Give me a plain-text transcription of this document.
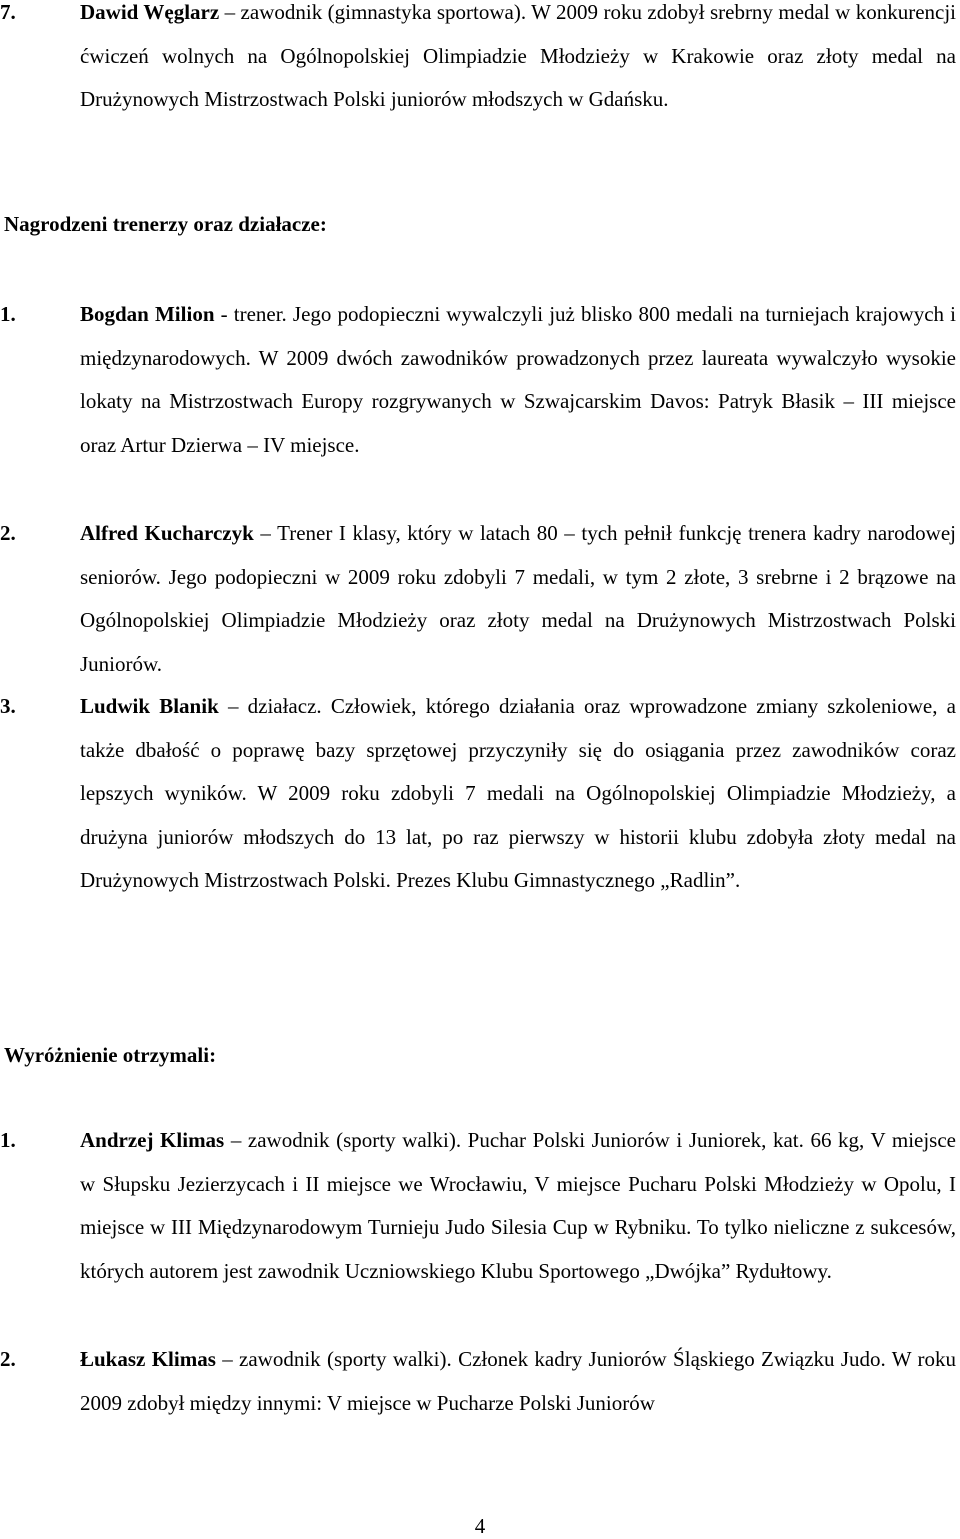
7.	Dawid Węglarz – zawodnik (gimnastyka sportowa). W 2009 roku zdobył srebrny medal w konkurencji ćwiczeń wolnych na Ogólnopolskiej Olimpiadzie Młodzieży w Krakowie oraz złoty medal na Drużynowych Mistrzostwach Polski juniorów młodszych w Gdańsku.
Nagrodzeni trenerzy oraz działacze:
1.	Bogdan Milion - trener. Jego podopieczni wywalczyli już blisko 800 medali na turniejach krajowych i międzynarodowych. W 2009 dwóch zawodników prowadzonych przez laureata wywalczyło wysokie lokaty na Mistrzostwach Europy rozgrywanych w Szwajcarskim Davos: Patryk Błasik – III miejsce oraz Artur Dzierwa – IV miejsce.
2.	Alfred Kucharczyk – Trener I klasy, który w latach 80 – tych pełnił funkcję trenera kadry narodowej seniorów. Jego podopieczni w 2009 roku zdobyli 7 medali, w tym 2 złote, 3 srebrne i 2 brązowe na Ogólnopolskiej Olimpiadzie Młodzieży oraz złoty medal na Drużynowych Mistrzostwach Polski Juniorów.
3.	Ludwik Blanik – działacz. Człowiek, którego działania oraz wprowadzone zmiany szkoleniowe, a także dbałość o poprawę bazy sprzętowej przyczyniły się do osiągania przez zawodników coraz lepszych wyników. W 2009 roku zdobyli 7 medali na Ogólnopolskiej Olimpiadzie Młodzieży, a drużyna juniorów młodszych do 13 lat, po raz pierwszy w historii klubu zdobyła złoty medal na Drużynowych Mistrzostwach Polski. Prezes Klubu Gimnastycznego „Radlin”.
Wyróżnienie otrzymali:
1.	Andrzej Klimas – zawodnik (sporty walki). Puchar Polski Juniorów i Juniorek, kat. 66 kg, V miejsce w Słupsku Jezierzycach i II miejsce we Wrocławiu, V miejsce Pucharu Polski Młodzieży w Opolu, I miejsce w III Międzynarodowym Turnieju Judo Silesia Cup w Rybniku. To tylko nieliczne z sukcesów, których autorem jest zawodnik Uczniowskiego Klubu Sportowego „Dwójka” Rydułtowy.
2.	Łukasz Klimas – zawodnik (sporty walki). Członek kadry Juniorów Śląskiego Związku Judo. W roku 2009 zdobył między innymi: V miejsce w Pucharze Polski Juniorów
4
